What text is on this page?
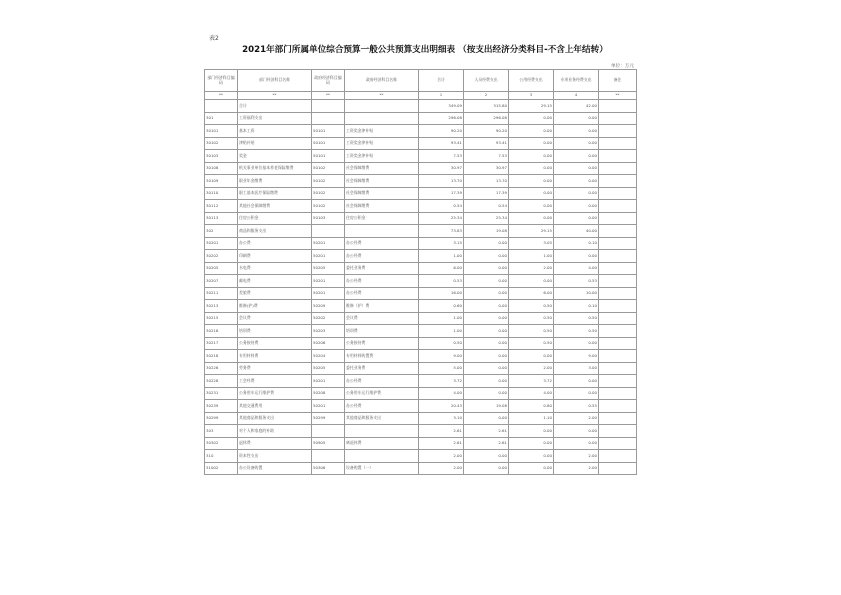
表2
2021年部门所属单位综合预算一般公共预算支出明细表 （按支出经济分类科目-不含上年结转）
单位：万元
部门经济科目编码	部门经济科目名称	政府经济科目编码	政府经济科目名称	合计	人员经费支出	公用经费支出	专项业务经费支出	备注
**	**	**	**	1	2	3	4	**
	合计			349.09	315.80	29.15	42.00	
301	工资福利支出			296.08	296.08	0.00	0.00	
30101	基本工资	50101	工资奖金津补贴	90.20	90.20	0.00	0.00	
30102	津贴补贴	50101	工资奖金津补贴	93.41	93.41	0.00	0.00	
30103	奖金	50101	工资奖金津补贴	7.53	7.53	0.00	0.00	
30108	机关事业单位基本养老保险缴费	50102	社会保障缴费	30.97	30.97	0.00	0.00	
30109	职业年金缴费	50102	社会保障缴费	13.70	13.70	0.00	0.00	
30110	职工基本医疗保险缴费	50102	社会保障缴费	17.39	17.39	0.00	0.00	
30112	其他社会保障缴费	50102	社会保障缴费	0.54	0.54	0.00	0.00	
30113	住房公积金	50103	住房公积金	25.34	25.34	0.00	0.00	
302	商品和服务支出			73.83	19.08	29.15	40.00	
30201	办公费	50201	办公经费	3.15	0.00	3.05	0.10	
30202	印刷费	50201	办公经费	1.00	0.00	1.00	0.00	
30205	水电费	50205	委托业务费	6.00	0.00	2.00	4.00	
30207	邮电费	50201	办公经费	0.53	0.00	0.00	0.53	
30211	差旅费	50201	办公经费	16.00	0.00	6.00	10.00	
30213	维修(护)费	50209	维修（护）费	0.60	0.00	0.50	0.10	
30215	会议费	50202	会议费	1.00	0.00	0.50	0.50	
30216	培训费	50203	培训费	1.00	0.00	0.50	0.50	
30217	公务接待费	50206	公务接待费	0.50	0.00	0.50	0.00	
30218	专用材料费	50204	专用材料购置费	9.00	0.00	0.00	9.00	
30226	劳务费	50205	委托业务费	5.00	0.00	2.00	3.00	
30228	工会经费	50201	办公经费	3.72	0.00	3.72	0.00	
30231	公务用车运行维护费	50208	公务用车运行维护费	4.00	0.00	4.00	0.00	
30239	其他交通费用	50201	办公经费	20.43	19.08	0.80	0.55	
30299	其他商品和服务支出	50299	其他商品和服务支出	3.10	0.00	1.10	2.00	
303	对个人和家庭的补助			2.61	2.61	0.00	0.00	
30302	退休费	50905	离退休费	2.61	2.61	0.00	0.00	
310	资本性支出			2.00	0.00	0.00	2.00	
31002	办公设备购置	50306	设备购置（一）	2.00	0.00	0.00	2.00	
